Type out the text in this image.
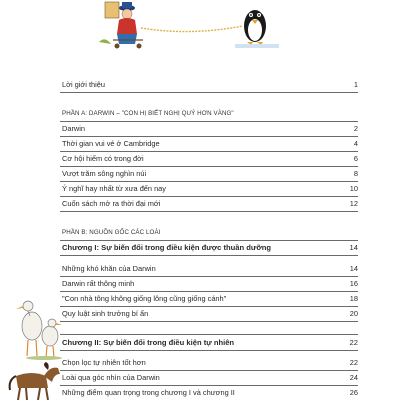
Lời giới thiệu	1
PHẦN A: DARWIN – "CON HỊ BIẾT NGHỊ QUÝ HƠN VÀNG"
Darwin	2
Thời gian vui vẻ ở Cambridge	4
Cơ hội hiếm có trong đời	6
Vượt trăm sông nghìn núi	8
Ý nghĩ hay nhất từ xưa đến nay	10
Cuốn sách mở ra thời đại mới	12
PHẦN B: NGUỒN GỐC CÁC LOÀI
Chương I: Sự biến đổi trong điều kiện được thuần dưỡng	14
Những khó khăn của Darwin	14
Darwin rất thông minh	16
"Con nhà tông không giống lông cũng giống cánh"	18
Quy luật sinh trưởng bí ẩn	20
Chương II: Sự biến đổi trong điều kiện tự nhiên	22
Chọn lọc tự nhiên tốt hơn	22
Loài qua góc nhìn của Darwin	24
Những điểm quan trọng trong chương I và chương II	26
